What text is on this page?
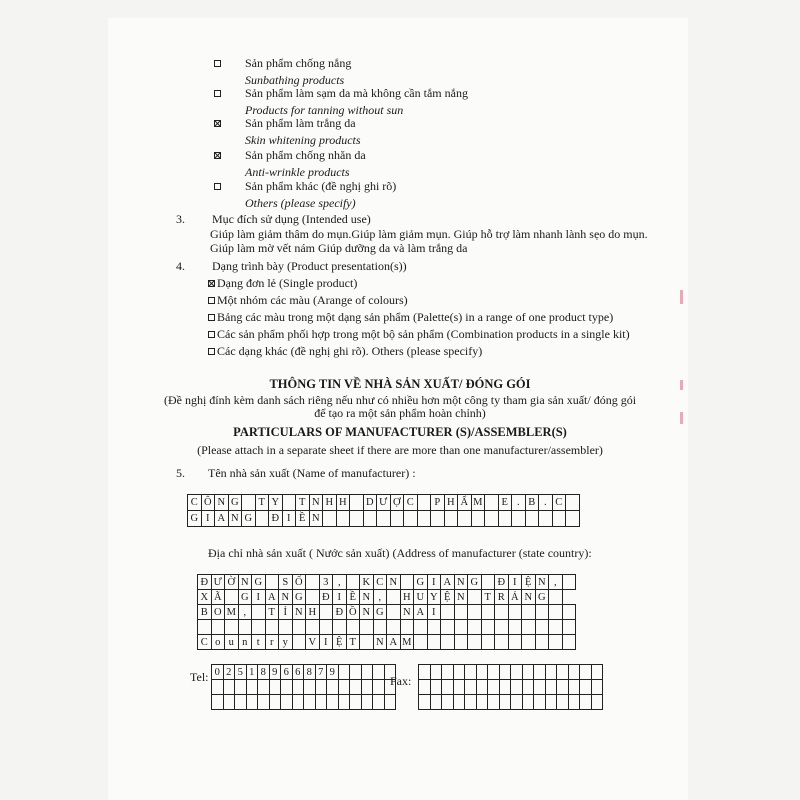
Sản phẩm chống nắng
Sunbathing products
Sản phẩm làm sạm da mà không cần tắm nắng
Products for tanning without sun
Sản phẩm làm trắng da
Skin whitening products
Sản phẩm chống nhăn da
Anti-wrinkle products
Sản phẩm khác (đề nghị ghi rõ)
Others (please specify)
3. Mục đích sử dụng (Intended use)
Giúp làm giảm thâm do mụn.Giúp làm giảm mụn. Giúp hỗ trợ làm nhanh lành sẹo do mụn.
Giúp làm mờ vết nám Giúp dưỡng da và làm trắng da
4. Dạng trình bày (Product presentation(s))
Dạng đơn lẻ (Single product)
Một nhóm các màu (Arange of colours)
Bảng các màu trong một dạng sản phẩm (Palette(s) in a range of one product type)
Các sản phẩm phối hợp trong một bộ sản phẩm (Combination products in a single kit)
Các dạng khác (đề nghị ghi rõ). Others (please specify)
THÔNG TIN VỀ NHÀ SẢN XUẤT/ ĐÓNG GÓI
(Đề nghị đính kèm danh sách riêng nếu như có nhiều hơn một công ty tham gia sản xuất/ đóng gói
để tạo ra một sản phẩm hoàn chỉnh)
PARTICULARS OF MANUFACTURER (S)/ASSEMBLER(S)
(Please attach in a separate sheet if there are more than one manufacturer/assembler)
5. Tên nhà sản xuất (Name of manufacturer) :
C	Ô	N	G		T	Y		T	N	H	H		D	Ư	Ợ	C		P	H	Ẩ	M		E	.	B	.	C	
G	I	A	N	G		Đ	I	Ề	N																			
Địa chỉ nhà sản xuất ( Nước sản xuất) (Address of manufacturer (state country):
Đ	Ư	Ờ	N	G		S	Ố		3	,		K	C	N		G	I	A	N	G		Đ	I	Ệ	N	,	
X	Ã		G	I	A	N	G		Đ	I	Ề	N	,		H	U	Y	Ệ	N		T	R	Ả	N	G		
B	O	M	,		T	Ỉ	N	H		Đ	Ồ	N	G		N	A	I										

C	o	u	n	t	r	y		V	I	Ệ	T		N	A	M												
Tel: 0	2	5	1	8	9	6	6	8	7	9					

Fax:
